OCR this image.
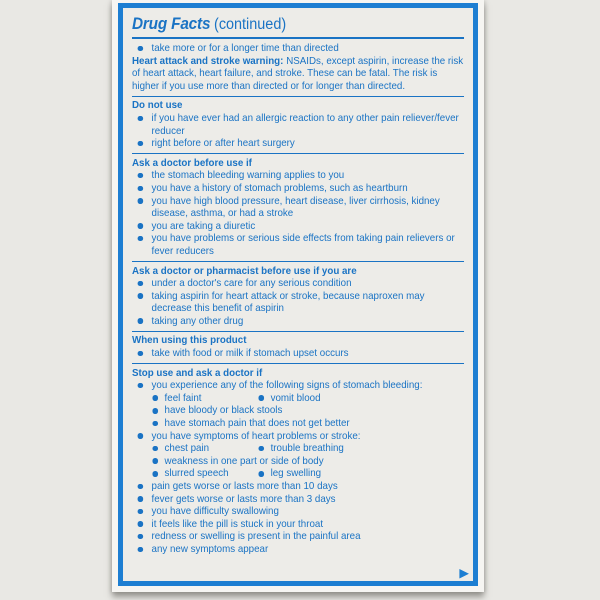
Drug Facts (continued)
take more or for a longer time than directed
Heart attack and stroke warning: NSAIDs, except aspirin, increase the risk of heart attack, heart failure, and stroke. These can be fatal. The risk is higher if you use more than directed or for longer than directed.
Do not use
if you have ever had an allergic reaction to any other pain reliever/fever reducer
right before or after heart surgery
Ask a doctor before use if
the stomach bleeding warning applies to you
you have a history of stomach problems, such as heartburn
you have high blood pressure, heart disease, liver cirrhosis, kidney disease, asthma, or had a stroke
you are taking a diuretic
you have problems or serious side effects from taking pain relievers or fever reducers
Ask a doctor or pharmacist before use if you are
under a doctor's care for any serious condition
taking aspirin for heart attack or stroke, because naproxen may decrease this benefit of aspirin
taking any other drug
When using this product
take with food or milk if stomach upset occurs
Stop use and ask a doctor if
you experience any of the following signs of stomach bleeding:
feel faint	vomit blood
have bloody or black stools
have stomach pain that does not get better
you have symptoms of heart problems or stroke:
chest pain	trouble breathing
weakness in one part or side of body
slurred speech	leg swelling
pain gets worse or lasts more than 10 days
fever gets worse or lasts more than 3 days
you have difficulty swallowing
it feels like the pill is stuck in your throat
redness or swelling is present in the painful area
any new symptoms appear
▶
